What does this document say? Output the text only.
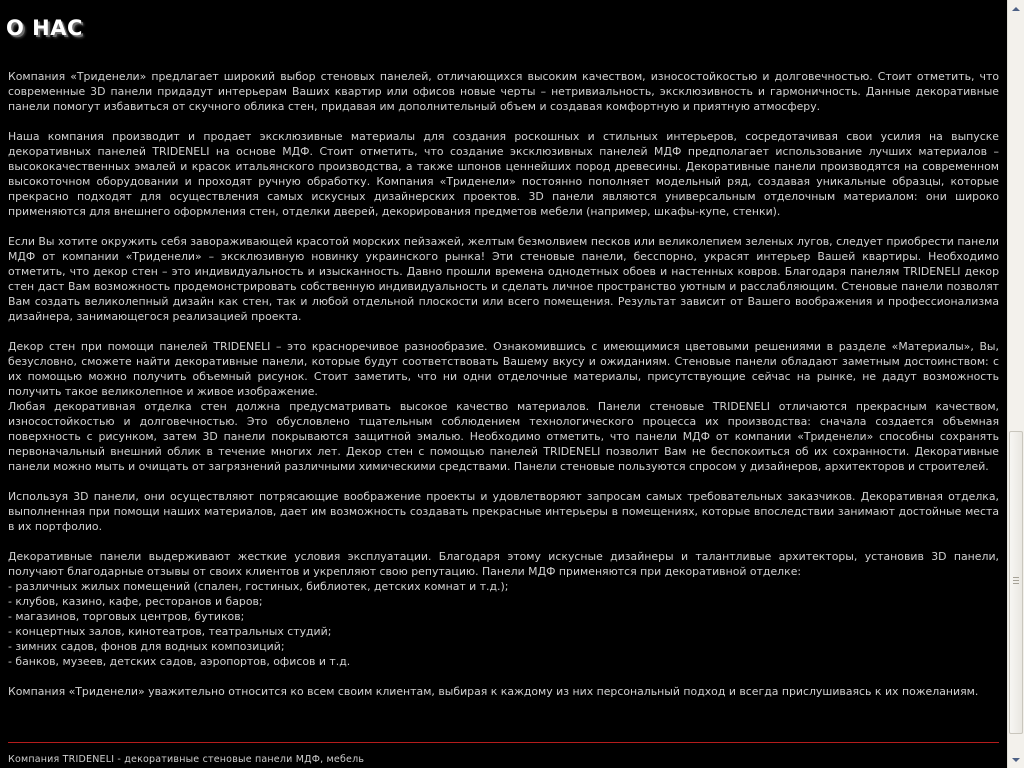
О НАС

Компания «Триденели» предлагает широкий выбор стеновых панелей, отличающихся высоким качеством, износостойкостью и долговечностью. Стоит отметить, что современные 3D панели придадут интерьерам Ваших квартир или офисов новые черты – нетривиальность, эксклюзивность и гармоничность. Данные декоративные панели помогут избавиться от скучного облика стен, придавая им дополнительный объем и создавая комфортную и приятную атмосферу.

Наша компания производит и продает эксклюзивные материалы для создания роскошных и стильных интерьеров, сосредотачивая свои усилия на выпуске декоративных панелей TRIDENELI на основе МДФ. Стоит отметить, что создание эксклюзивных панелей МДФ предполагает использование лучших материалов – высококачественных эмалей и красок итальянского производства, а также шпонов ценнейших пород древесины. Декоративные панели производятся на современном высокоточном оборудовании и проходят ручную обработку. Компания «Триденели» постоянно пополняет модельный ряд, создавая уникальные образцы, которые прекрасно подходят для осуществления самых искусных дизайнерских проектов. 3D панели являются универсальным отделочным материалом: они широко применяются для внешнего оформления стен, отделки дверей, декорирования предметов мебели (например, шкафы-купе, стенки).

Если Вы хотите окружить себя завораживающей красотой морских пейзажей, желтым безмолвием песков или великолепием зеленых лугов, следует приобрести панели МДФ от компании «Триденели» – эксклюзивную новинку украинского рынка! Эти стеновые панели, бесспорно, украсят интерьер Вашей квартиры. Необходимо отметить, что декор стен – это индивидуальность и изысканность. Давно прошли времена однодетных обоев и настенных ковров. Благодаря панелям TRIDENELI декор стен даст Вам возможность продемонстрировать собственную индивидуальность и сделать личное пространство уютным и расслабляющим. Стеновые панели позволят Вам создать великолепный дизайн как стен, так и любой отдельной плоскости или всего помещения. Результат зависит от Вашего воображения и профессионализма дизайнера, занимающегося реализацией проекта.

Декор стен при помощи панелей TRIDENELI – это красноречивое разнообразие. Ознакомившись с имеющимися цветовыми решениями в разделе «Материалы», Вы, безусловно, сможете найти декоративные панели, которые будут соответствовать Вашему вкусу и ожиданиям. Стеновые панели обладают заметным достоинством: с их помощью можно получить объемный рисунок. Стоит заметить, что ни одни отделочные материалы, присутствующие сейчас на рынке, не дадут возможность получить такое великолепное и живое изображение.

Любая декоративная отделка стен должна предусматривать высокое качество материалов. Панели стеновые TRIDENELI отличаются прекрасным качеством, износостойкостью и долговечностью. Это обусловлено тщательным соблюдением технологического процесса их производства: сначала создается объемная поверхность с рисунком, затем 3D панели покрываются защитной эмалью. Необходимо отметить, что панели МДФ от компании «Триденели» способны сохранять первоначальный внешний облик в течение многих лет. Декор стен с помощью панелей TRIDENELI позволит Вам не беспокоиться об их сохранности. Декоративные панели можно мыть и очищать от загрязнений различными химическими средствами. Панели стеновые пользуются спросом у дизайнеров, архитекторов и строителей.

Используя 3D панели, они осуществляют потрясающие воображение проекты и удовлетворяют запросам самых требовательных заказчиков. Декоративная отделка, выполненная при помощи наших материалов, дает им возможность создавать прекрасные интерьеры в помещениях, которые впоследствии занимают достойные места в их портфолио.

Декоративные панели выдерживают жесткие условия эксплуатации. Благодаря этому искусные дизайнеры и талантливые архитекторы, установив 3D панели, получают благодарные отзывы от своих клиентов и укрепляют свою репутацию. Панели МДФ применяются при декоративной отделке:

- различных жилых помещений (спален, гостиных, библиотек, детских комнат и т.д.);
- клубов, казино, кафе, ресторанов и баров;
- магазинов, торговых центров, бутиков;
- концертных залов, кинотеатров, театральных студий;
- зимних садов, фонов для водных композиций;
- банков, музеев, детских садов, аэропортов, офисов и т.д.

Компания «Триденели» уважительно относится ко всем своим клиентам, выбирая к каждому из них персональный подход и всегда прислушиваясь к их пожеланиям.

Компания TRIDENELI - декоративные стеновые панели МДФ, мебель
